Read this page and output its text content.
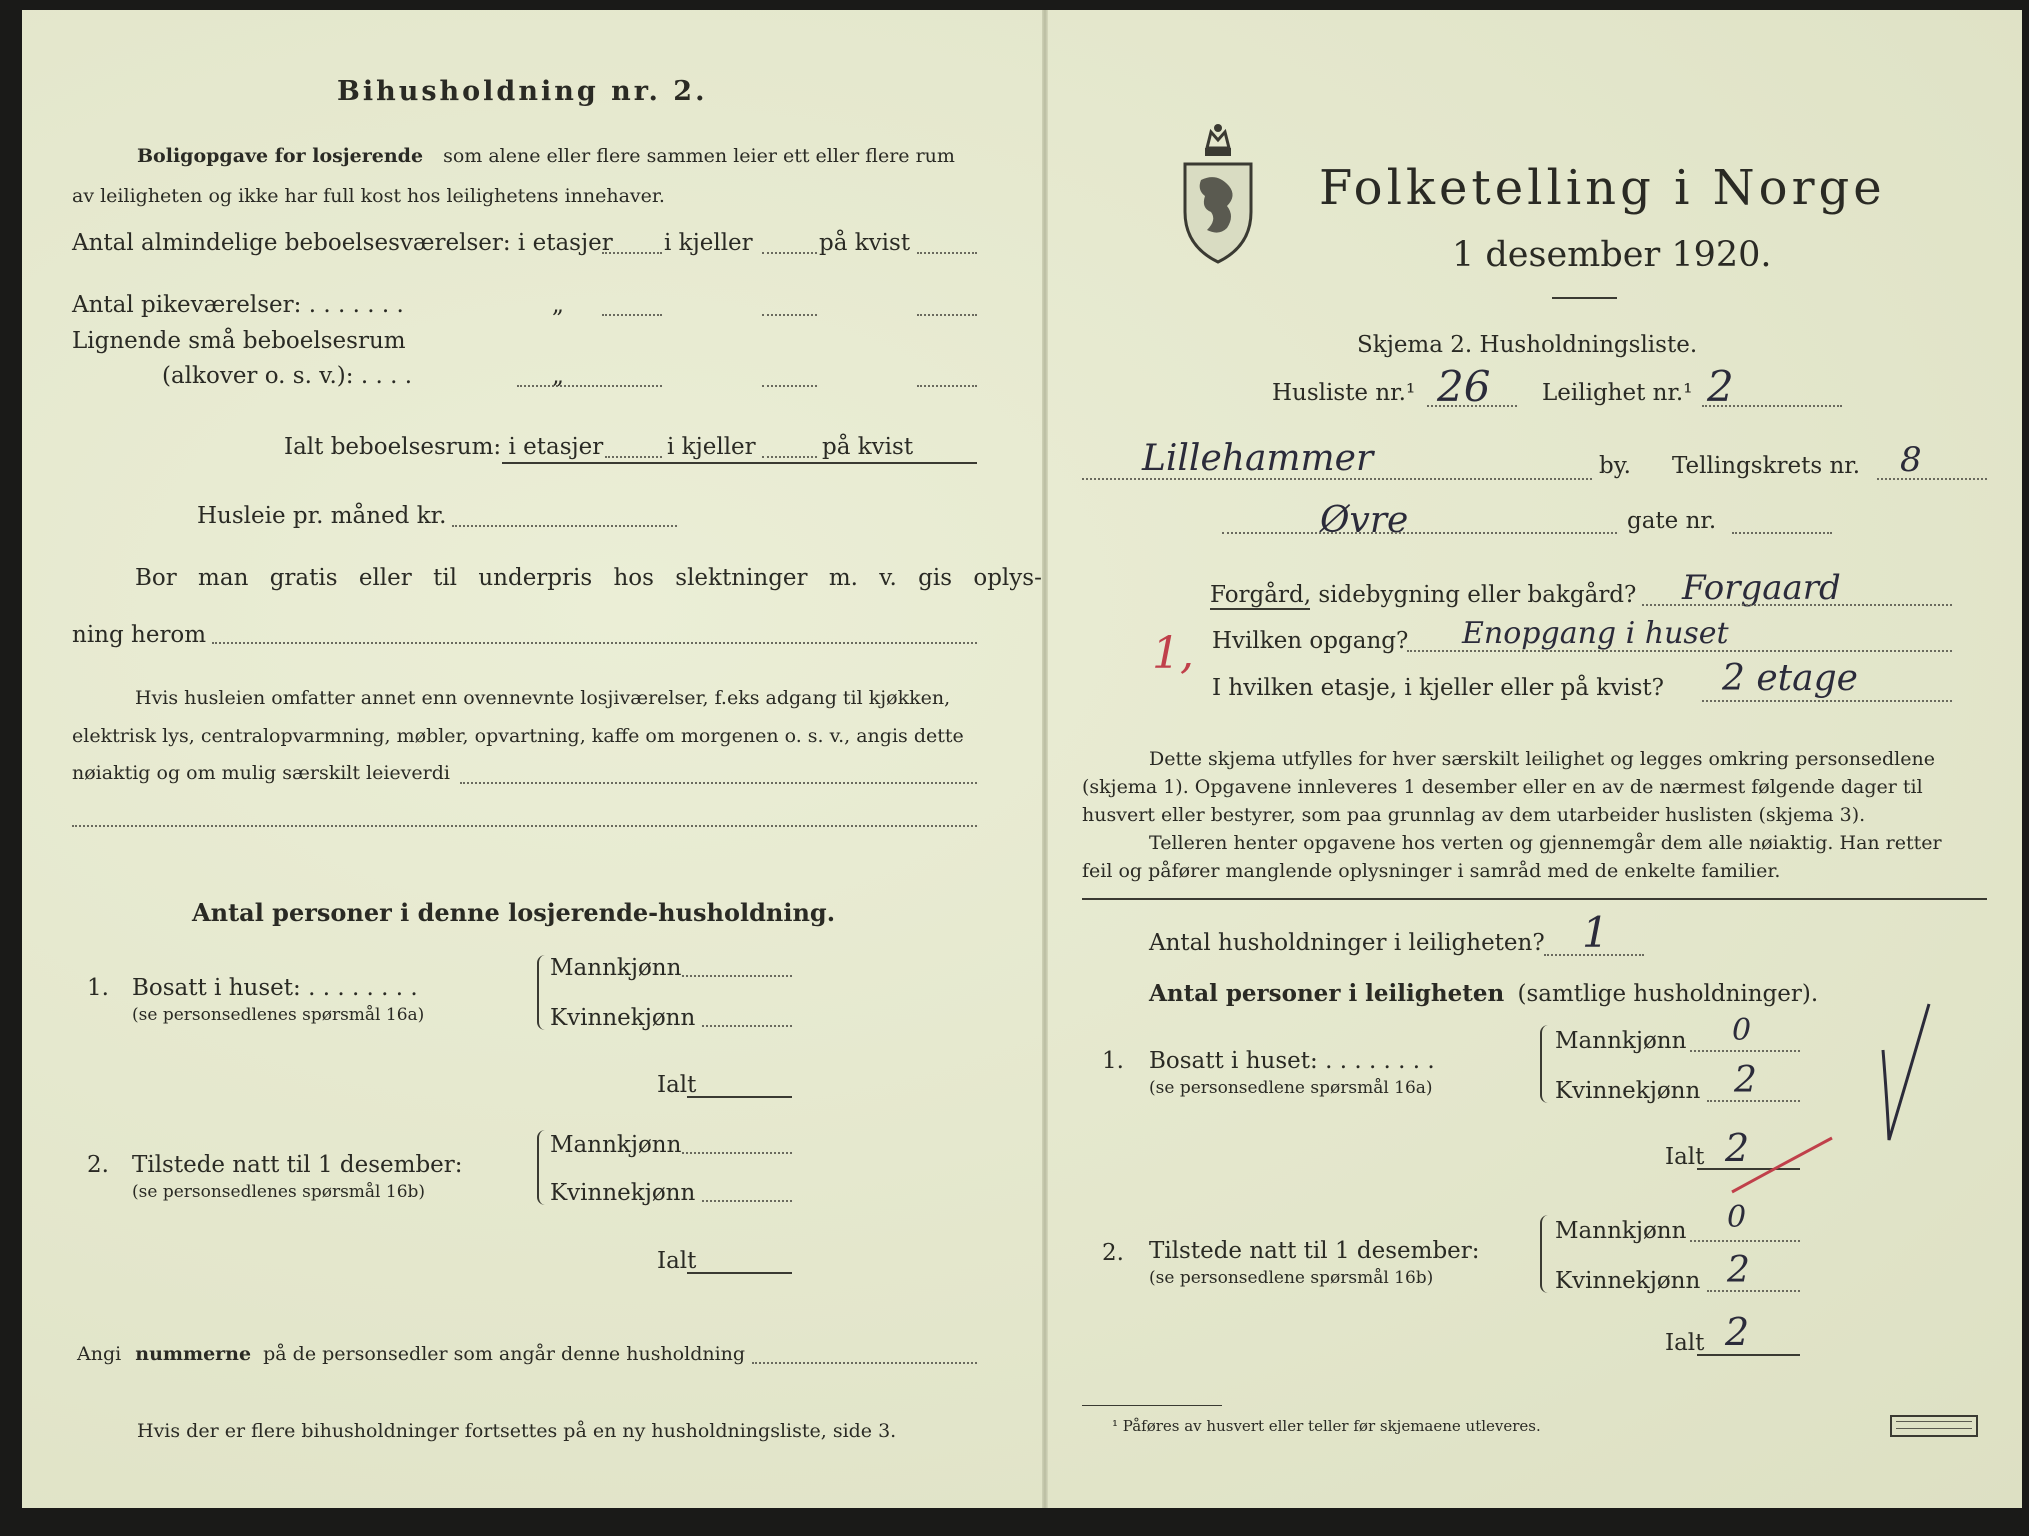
Bihusholdning nr. 2.
Boligopgave for losjerende som alene eller flere sammen leier ett eller flere rum
av leiligheten og ikke har full kost hos leilighetens innehaver.
Antal almindelige beboelsesværelser: i etasjer i kjeller	på kvist
Antal pikeværelser: . . . . . . .	„
Lignende små beboelsesrum
(alkover o. s. v.): . . . .	„
Ialt beboelsesrum: i etasjer	i kjeller	på kvist
Husleie pr. måned kr.
Bor man gratis eller til underpris hos slektninger m. v. gis oplys-
ning herom
Hvis husleien omfatter annet enn ovennevnte losjiværelser, f.eks adgang til kjøkken,
elektrisk lys, centralopvarmning, møbler, opvartning, kaffe om morgenen o. s. v., angis dette
nøiaktig og om mulig særskilt leieverdi
Antal personer i denne losjerende-husholdning.
1. Bosatt i huset: . . . . . . . .
(se personsedlenes spørsmål 16a)
Mannkjønn
Kvinnekjønn
Ialt
2. Tilstede natt til 1 desember:
(se personsedlenes spørsmål 16b)
Mannkjønn
Kvinnekjønn
Ialt
Angi nummerne på de personsedler som angår denne husholdning
Hvis der er flere bihusholdninger fortsettes på en ny husholdningsliste, side 3.
Folketelling i Norge
1 desember 1920.
Skjema 2. Husholdningsliste.
Husliste nr.¹ 26 Leilighet nr.¹ 2
Lillehammer	by. Tellingskrets nr. 8
Øvre	gate nr.
Forgård, sidebygning eller bakgård? Forgaard
1, Hvilken opgang? Enopgang i huset
I hvilken etasje, i kjeller eller på kvist? 2 etage
Dette skjema utfylles for hver særskilt leilighet og legges omkring personsedlene
(skjema 1). Opgavene innleveres 1 desember eller en av de nærmest følgende dager til
husvert eller bestyrer, som paa grunnlag av dem utarbeider huslisten (skjema 3).
Telleren henter opgavene hos verten og gjennemgår dem alle nøiaktig. Han retter
feil og påfører manglende oplysninger i samråd med de enkelte familier.
Antal husholdninger i leiligheten? 1
Antal personer i leiligheten (samtlige husholdninger).
1. Bosatt i huset: . . . . . . . .
(se personsedlene spørsmål 16a)
Mannkjønn 0
Kvinnekjønn 2
Ialt 2
2. Tilstede natt til 1 desember:
(se personsedlene spørsmål 16b)
Mannkjønn 0
Kvinnekjønn 2
Ialt 2
¹ Påføres av husvert eller teller før skjemaene utleveres.
